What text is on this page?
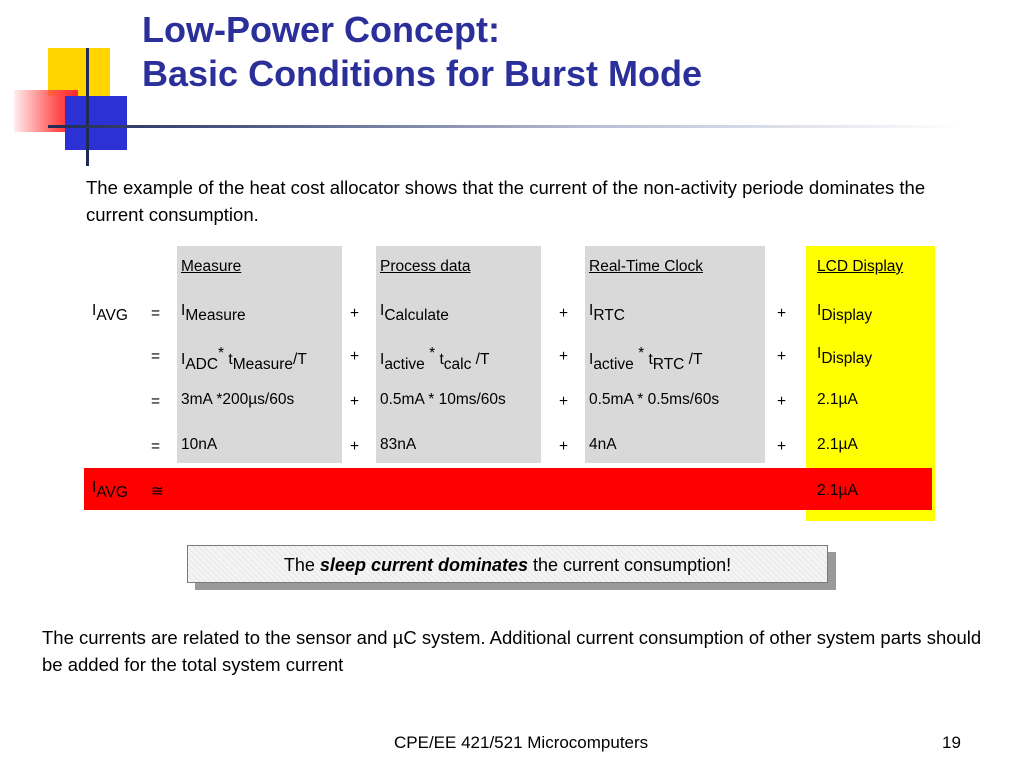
Low-Power Concept:
Basic Conditions for Burst Mode
The example of the heat cost allocator shows that the current of the non-activity periode dominates the current consumption.
Measure	Process data	Real-Time Clock	LCD Display
$I_{AVG} = I_{Measure}$	+ $I_{Calculate}$	+ $I_{RTC}$	+ $I_{Display}$
= $I_{ADC}^*$ $t_{Measure}/T$	+ $I_{active}$ * $t_{calc}$ /T	+ $I_{active}$ * $t_{RTC}$ /T	+ $I_{Display}$
= 3mA *200µs/60s	+ 0.5mA * 10ms/60s	+ 0.5mA * 0.5ms/60s	+ 2.1µA
= 10nA	+ 83nA	+ 4nA	+ 2.1µA
$I_{AVG}$ ≅	2.1µA
The sleep current dominates the current consumption!
The currents are related to the sensor and µC system. Additional current consumption of other system parts should be added for the total system current
CPE/EE 421/521 Microcomputers	19
